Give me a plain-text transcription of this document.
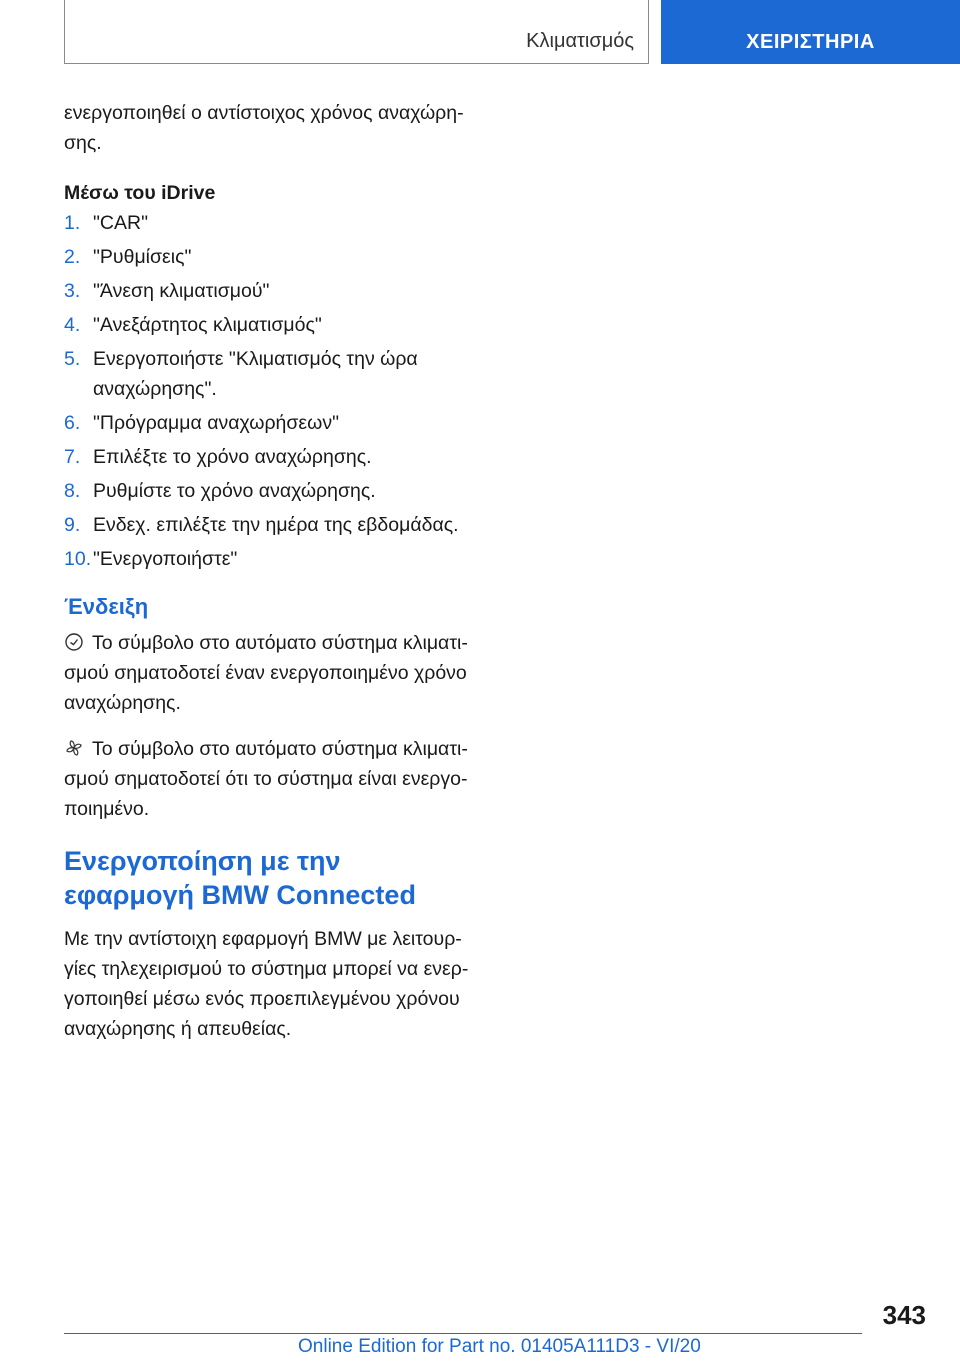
Κλιματισμός	ΧΕΙΡΙΣΤΗΡΙΑ

ενεργοποιηθεί ο αντίστοιχος χρόνος αναχώρη-σης.

Μέσω του iDrive

1. "CAR"
2. "Ρυθμίσεις"
3. "Άνεση κλιματισμού"
4. "Ανεξάρτητος κλιματισμός"
5. Ενεργοποιήστε "Κλιματισμός την ώρα αναχώρησης".
6. "Πρόγραμμα αναχωρήσεων"
7. Επιλέξτε το χρόνο αναχώρησης.
8. Ρυθμίστε το χρόνο αναχώρησης.
9. Ενδεχ. επιλέξτε την ημέρα της εβδομάδας.
10. "Ενεργοποιήστε"

Ένδειξη

Το σύμβολο στο αυτόματο σύστημα κλιματι-σμού σηματοδοτεί έναν ενεργοποιημένο χρόνο αναχώρησης.

Το σύμβολο στο αυτόματο σύστημα κλιματι-σμού σηματοδοτεί ότι το σύστημα είναι ενεργο-ποιημένο.

Ενεργοποίηση με την εφαρμογή BMW Connected

Με την αντίστοιχη εφαρμογή BMW με λειτουρ-γίες τηλεχειρισμού το σύστημα μπορεί να ενερ-γοποιηθεί μέσω ενός προεπιλεγμένου χρόνου αναχώρησης ή απευθείας.

343
Online Edition for Part no. 01405A111D3 - VI/20
